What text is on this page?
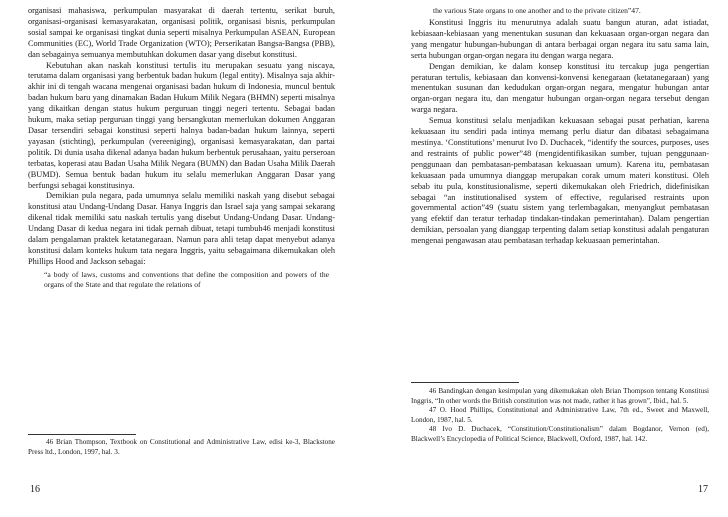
organisasi mahasiswa, perkumpulan masyarakat di daerah tertentu, serikat buruh, organisasi-organisasi kemasyarakatan, organisasi politik, organisasi bisnis, perkumpulan sosial sampai ke organisasi tingkat dunia seperti misalnya Perkumpulan ASEAN, European Communities (EC), World Trade Organization (WTO); Perserikatan Bangsa-Bangsa (PBB), dan sebagainya semuanya membutuhkan dokumen dasar yang disebut konstitusi.

Kebutuhan akan naskah konstitusi tertulis itu merupakan sesuatu yang niscaya, terutama dalam organisasi yang berbentuk badan hukum (legal entity). Misalnya saja akhir-akhir ini di tengah wacana mengenai organisasi badan hukum di Indonesia, muncul bentuk badan hukum baru yang dinamakan Badan Hukum Milik Negara (BHMN) seperti misalnya yang dikaitkan dengan status hukum perguruan tinggi negeri tertentu. Sebagai badan hukum, maka setiap perguruan tinggi yang bersangkutan memerlukan dokumen Anggaran Dasar tersendiri sebagai konstitusi seperti halnya badan-badan hukum lainnya, seperti yayasan (stichting), perkumpulan (vereeniging), organisasi kemasyarakatan, dan partai politik. Di dunia usaha dikenal adanya badan hukum berbentuk perusahaan, yaitu perseroan terbatas, koperasi atau Badan Usaha Milik Negara (BUMN) dan Badan Usaha Milik Daerah (BUMD). Semua bentuk badan hukum itu selalu memerlukan Anggaran Dasar yang berfungsi sebagai konstitusinya.

Demikian pula negara, pada umumnya selalu memiliki naskah yang disebut sebagai konstitusi atau Undang-Undang Dasar. Hanya Inggris dan Israel saja yang sampai sekarang dikenal tidak memiliki satu naskah tertulis yang disebut Undang-Undang Dasar. Undang-Undang Dasar di kedua negara ini tidak pernah dibuat, tetapi tumbuh46 menjadi konstitusi dalam pengalaman praktek ketatanegaraan. Namun para ahli tetap dapat menyebut adanya konstitusi dalam konteks hukum tata negara Inggris, yaitu sebagaimana dikemukakan oleh Phillips Hood and Jackson sebagai:

“a body of laws, customs and conventions that define the composition and powers of the organs of the State and that regulate the relations of

46 Brian Thompson, Textbook on Constitutional and Administrative Law, edisi ke-3, Blackstone Press ltd., London, 1997, hal. 3.

16

the various State organs to one another and to the private citizen”47.

Konstitusi Inggris itu menurutnya adalah suatu bangun aturan, adat istiadat, kebiasaan-kebiasaan yang menentukan susunan dan kekuasaan organ-organ negara dan yang mengatur hubungan-hubungan di antara berbagai organ negara itu satu sama lain, serta hubungan organ-organ negara itu dengan warga negara.

Dengan demikian, ke dalam konsep konstitusi itu tercakup juga pengertian peraturan tertulis, kebiasaan dan konvensi-konvensi kenegaraan (ketatanegaraan) yang menentukan susunan dan kedudukan organ-organ negara, mengatur hubungan antar organ-organ negara itu, dan mengatur hubungan organ-organ negara tersebut dengan warga negara.

Semua konstitusi selalu menjadikan kekuasaan sebagai pusat perhatian, karena kekuasaan itu sendiri pada intinya memang perlu diatur dan dibatasi sebagaimana mestinya. ‘Constitutions’ menurut Ivo D. Duchacek, “identify the sources, purposes, uses and restraints of public power”48 (mengidentifikasikan sumber, tujuan penggunaan-penggunaan dan pembatasan-pembatasan kekuasaan umum). Karena itu, pembatasan kekuasaan pada umumnya dianggap merupakan corak umum materi konstitusi. Oleh sebab itu pula, konstitusionalisme, seperti dikemukakan oleh Friedrich, didefinisikan sebagai “an institutionalised system of effective, regularised restraints upon governmental action”49 (suatu sistem yang terlembagakan, menyangkut pembatasan yang efektif dan teratur terhadap tindakan-tindakan pemerintahan). Dalam pengertian demikian, persoalan yang dianggap terpenting dalam setiap konstitusi adalah pengaturan mengenai pengawasan atau pembatasan terhadap kekuasaan pemerintahan.

46 Bandingkan dengan kesimpulan yang dikemukakan oleh Brian Thompson tentang Konstitusi Inggris, “In other words the British constitution was not made, rather it has grown”, Ibid., hal. 5.

47 O. Hood Phillips, Constitutional and Administrative Law, 7th ed., Sweet and Maxwell, London, 1987, hal. 5.

48 Ivo D. Duchacek, “Constitution/Constitutionalism” dalam Bogdanor, Vernon (ed), Blackwell’s Encyclopedia of Political Science, Blackwell, Oxford, 1987, hal. 142.

17
